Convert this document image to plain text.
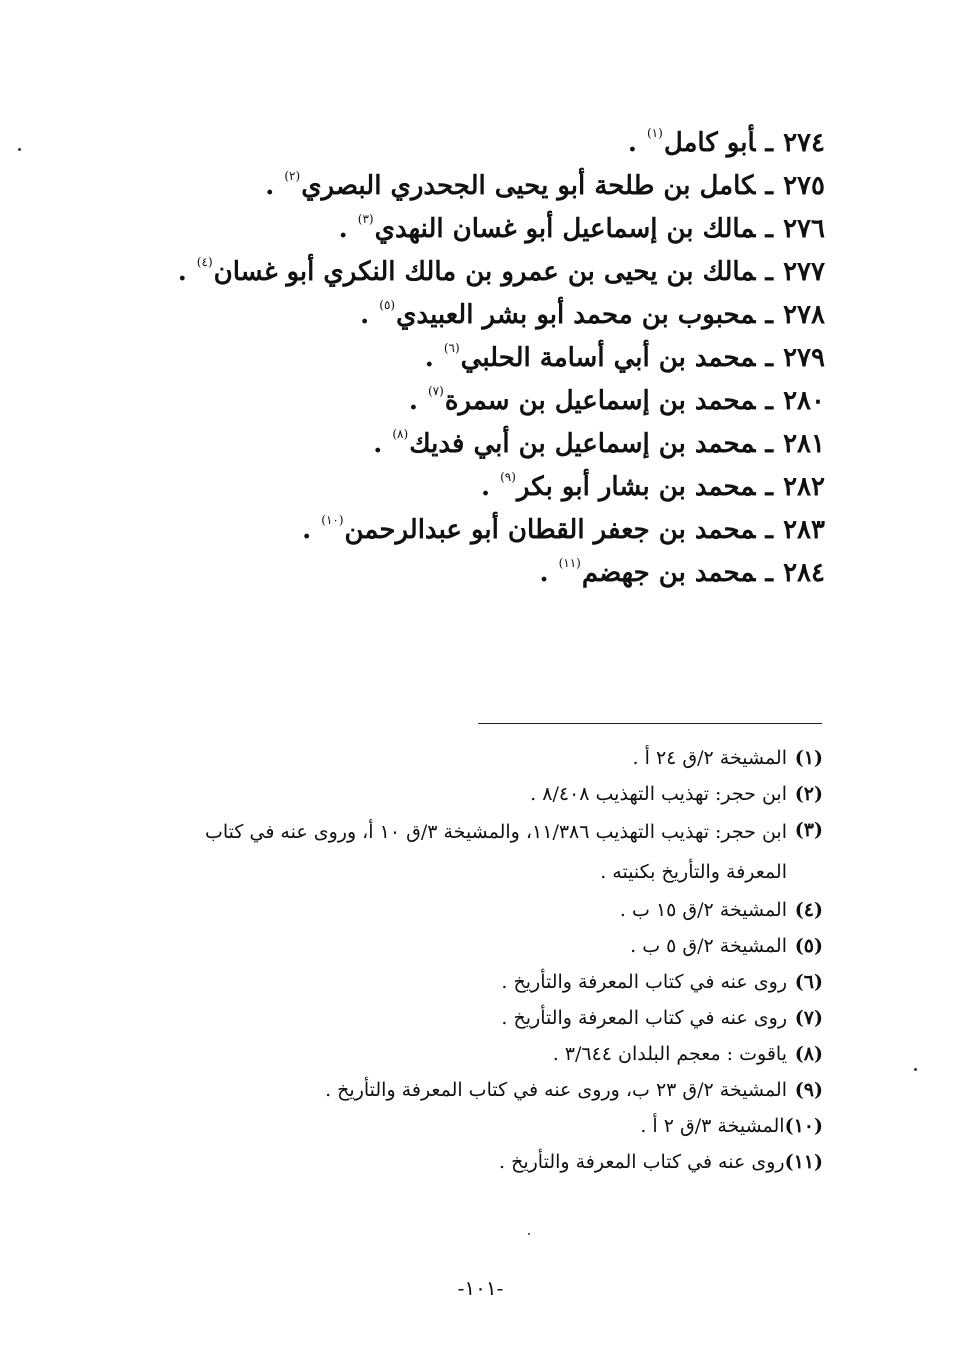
٢٧٤ـأبو كامل$^{(١)}$ .
٢٧٥ـكامل بن طلحة أبو يحيى الجحدري البصري$^{(٢)}$ .
٢٧٦ـمالك بن إسماعيل أبو غسان النهدي$^{(٣)}$ .
٢٧٧ـمالك بن يحيى بن عمرو بن مالك النكري أبو غسان$^{(٤)}$ .
٢٧٨ـمحبوب بن محمد أبو بشر العبيدي$^{(٥)}$ .
٢٧٩ـمحمد بن أبي أسامة الحلبي$^{(٦)}$ .
٢٨٠ـمحمد بن إسماعيل بن سمرة$^{(٧)}$ .
٢٨١ـمحمد بن إسماعيل بن أبي فديك$^{(٨)}$ .
٢٨٢ـمحمد بن بشار أبو بكر$^{(٩)}$ .
٢٨٣ـمحمد بن جعفر القطان أبو عبدالرحمن$^{(١٠)}$ .
٢٨٤ـمحمد بن جهضم$^{(١١)}$ .
(١)
المشيخة ٢/ق ٢٤ أ .
(٢)
ابن حجر: تهذيب التهذيب ٨/٤٠٨ .
(٣)
ابن حجر: تهذيب التهذيب ١١/٣٨٦، والمشيخة ٣/ق ١٠ أ، وروى عنه في كتاب المعرفة والتأريخ بكنيته .
(٤)
المشيخة ٢/ق ١٥ ب .
(٥)
المشيخة ٢/ق ٥ ب .
(٦)
روى عنه في كتاب المعرفة والتأريخ .
(٧)
روى عنه في كتاب المعرفة والتأريخ .
(٨)
ياقوت : معجم البلدان ٣/٦٤٤ .
(٩)
المشيخة ٢/ق ٢٣ ب، وروى عنه في كتاب المعرفة والتأريخ .
(١٠)
المشيخة ٣/ق ٢ أ .
(١١)
روى عنه في كتاب المعرفة والتأريخ .
-١٠١-
